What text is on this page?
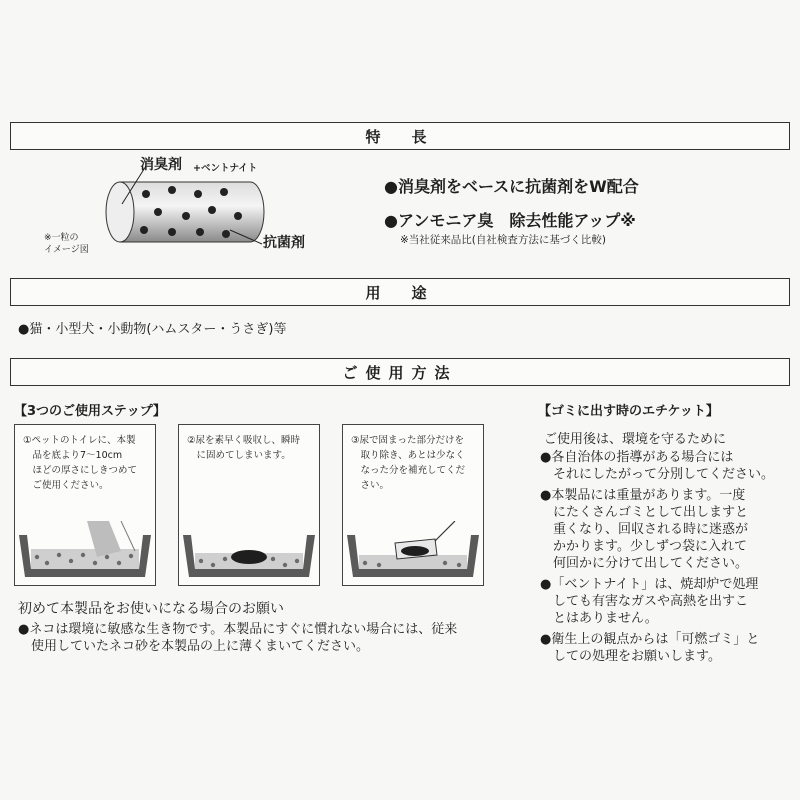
特　長
消臭剤 +ベントナイト
抗菌剤
※一粒の
イメージ図
●消臭剤をベースに抗菌剤をW配合
●アンモニア臭　除去性能アップ※
※当社従来品比(自社検査方法に基づく比較)
用　途
●猫・小型犬・小動物(ハムスター・うさぎ)等
ご使用方法
【3つのご使用ステップ】
①ペットのトイレに、本製
　品を底より7～10cm
　ほどの厚さにしきつめて
　ご使用ください。
②尿を素早く吸収し、瞬時
　に固めてしまいます。
③尿で固まった部分だけを
　取り除き、あとは少なく
　なった分を補充してくだ
　さい。
初めて本製品をお使いになる場合のお願い
●ネコは環境に敏感な生き物です。本製品にすぐに慣れない場合には、従来
　使用していたネコ砂を本製品の上に薄くまいてください。
【ゴミに出す時のエチケット】
ご使用後は、環境を守るために
●各自治体の指導がある場合には
　それにしたがって分別してください。
●本製品には重量があります。一度
　にたくさんゴミとして出しますと
　重くなり、回収される時に迷惑が
　かかります。少しずつ袋に入れて
　何回かに分けて出してください。
●「ベントナイト」は、焼却炉で処理
　しても有害なガスや高熱を出すこ
　とはありません。
●衛生上の観点からは「可燃ゴミ」と
　しての処理をお願いします。
